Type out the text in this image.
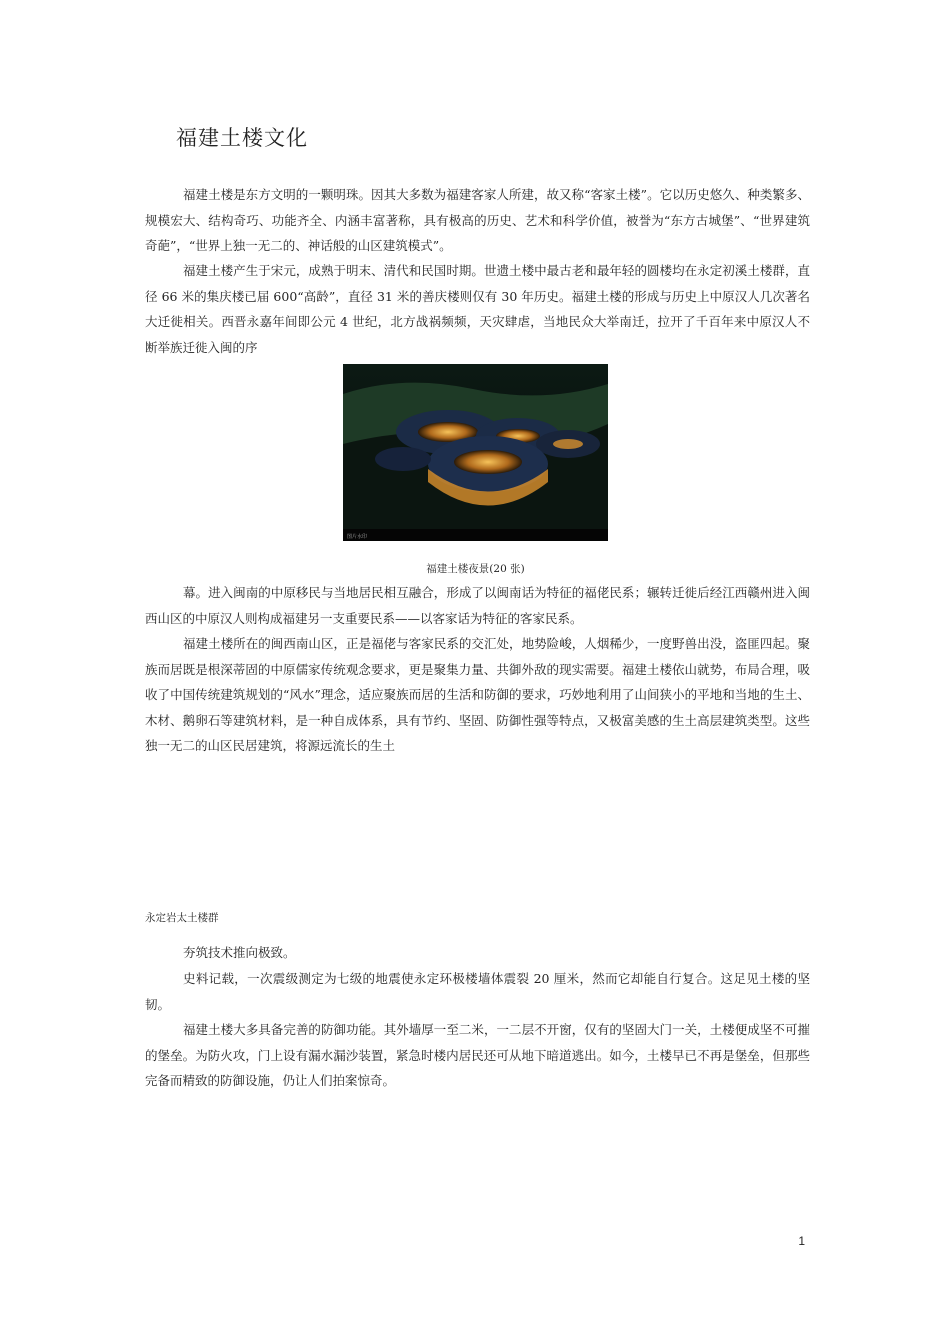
福建土楼文化

福建土楼是东方文明的一颗明珠。因其大多数为福建客家人所建，故又称“客家土楼”。它以历史悠久、种类繁多、规模宏大、结构奇巧、功能齐全、内涵丰富著称，具有极高的历史、艺术和科学价值，被誉为“东方古城堡”、“世界建筑奇葩”，“世界上独一无二的、神话般的山区建筑模式”。

福建土楼产生于宋元，成熟于明末、清代和民国时期。世遗土楼中最古老和最年轻的圆楼均在永定初溪土楼群，直径 66 米的集庆楼已届 600“高龄”，直径 31 米的善庆楼则仅有 30 年历史。福建土楼的形成与历史上中原汉人几次著名大迁徙相关。西晋永嘉年间即公元 4 世纪，北方战祸频频，天灾肆虐，当地民众大举南迁，拉开了千百年来中原汉人不断举族迁徙入闽的序

图片水印
福建土楼夜景(20 张)

幕。进入闽南的中原移民与当地居民相互融合，形成了以闽南话为特征的福佬民系；辗转迁徙后经江西赣州进入闽西山区的中原汉人则构成福建另一支重要民系——以客家话为特征的客家民系。

福建土楼所在的闽西南山区，正是福佬与客家民系的交汇处，地势险峻，人烟稀少，一度野兽出没，盗匪四起。聚族而居既是根深蒂固的中原儒家传统观念要求，更是聚集力量、共御外敌的现实需要。福建土楼依山就势，布局合理，吸收了中国传统建筑规划的“风水”理念，适应聚族而居的生活和防御的要求，巧妙地利用了山间狭小的平地和当地的生土、木材、鹅卵石等建筑材料，是一种自成体系，具有节约、坚固、防御性强等特点，又极富美感的生土高层建筑类型。这些独一无二的山区民居建筑，将源远流长的生土

永定岩太土楼群

夯筑技术推向极致。

史料记载，一次震级测定为七级的地震使永定环极楼墙体震裂 20 厘米，然而它却能自行复合。这足见土楼的坚韧。

福建土楼大多具备完善的防御功能。其外墙厚一至二米，一二层不开窗，仅有的坚固大门一关，土楼便成坚不可摧的堡垒。为防火攻，门上设有漏水漏沙装置，紧急时楼内居民还可从地下暗道逃出。如今，土楼早已不再是堡垒，但那些完备而精致的防御设施，仍让人们拍案惊奇。

1
